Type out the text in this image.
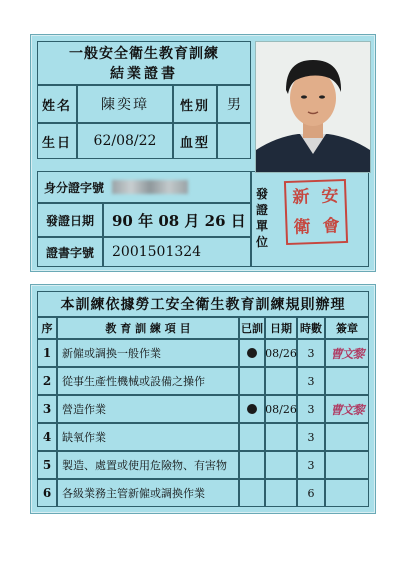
一般安全衛生教育訓練
結業證書
姓名	陳奕璋	性別	男
生日	62/08/22	血型
身分證字號
發證日期	90 年 08 月 26 日
證書字號	2001501324
發證單位
新 安
衛 會
本訓練依據勞工安全衛生教育訓練規則辦理
序	教 育 訓 練 項 目	已訓 日期 時數	簽章
1 新僱或調換一般作業	08/26 3	曹文黎
2 從事生產性機械或設備之操作	3
3 營造作業	08/26 3	曹文黎
4 缺氧作業	3
5 製造、處置或使用危險物、有害物	3
6 各級業務主管新僱或調換作業	6
